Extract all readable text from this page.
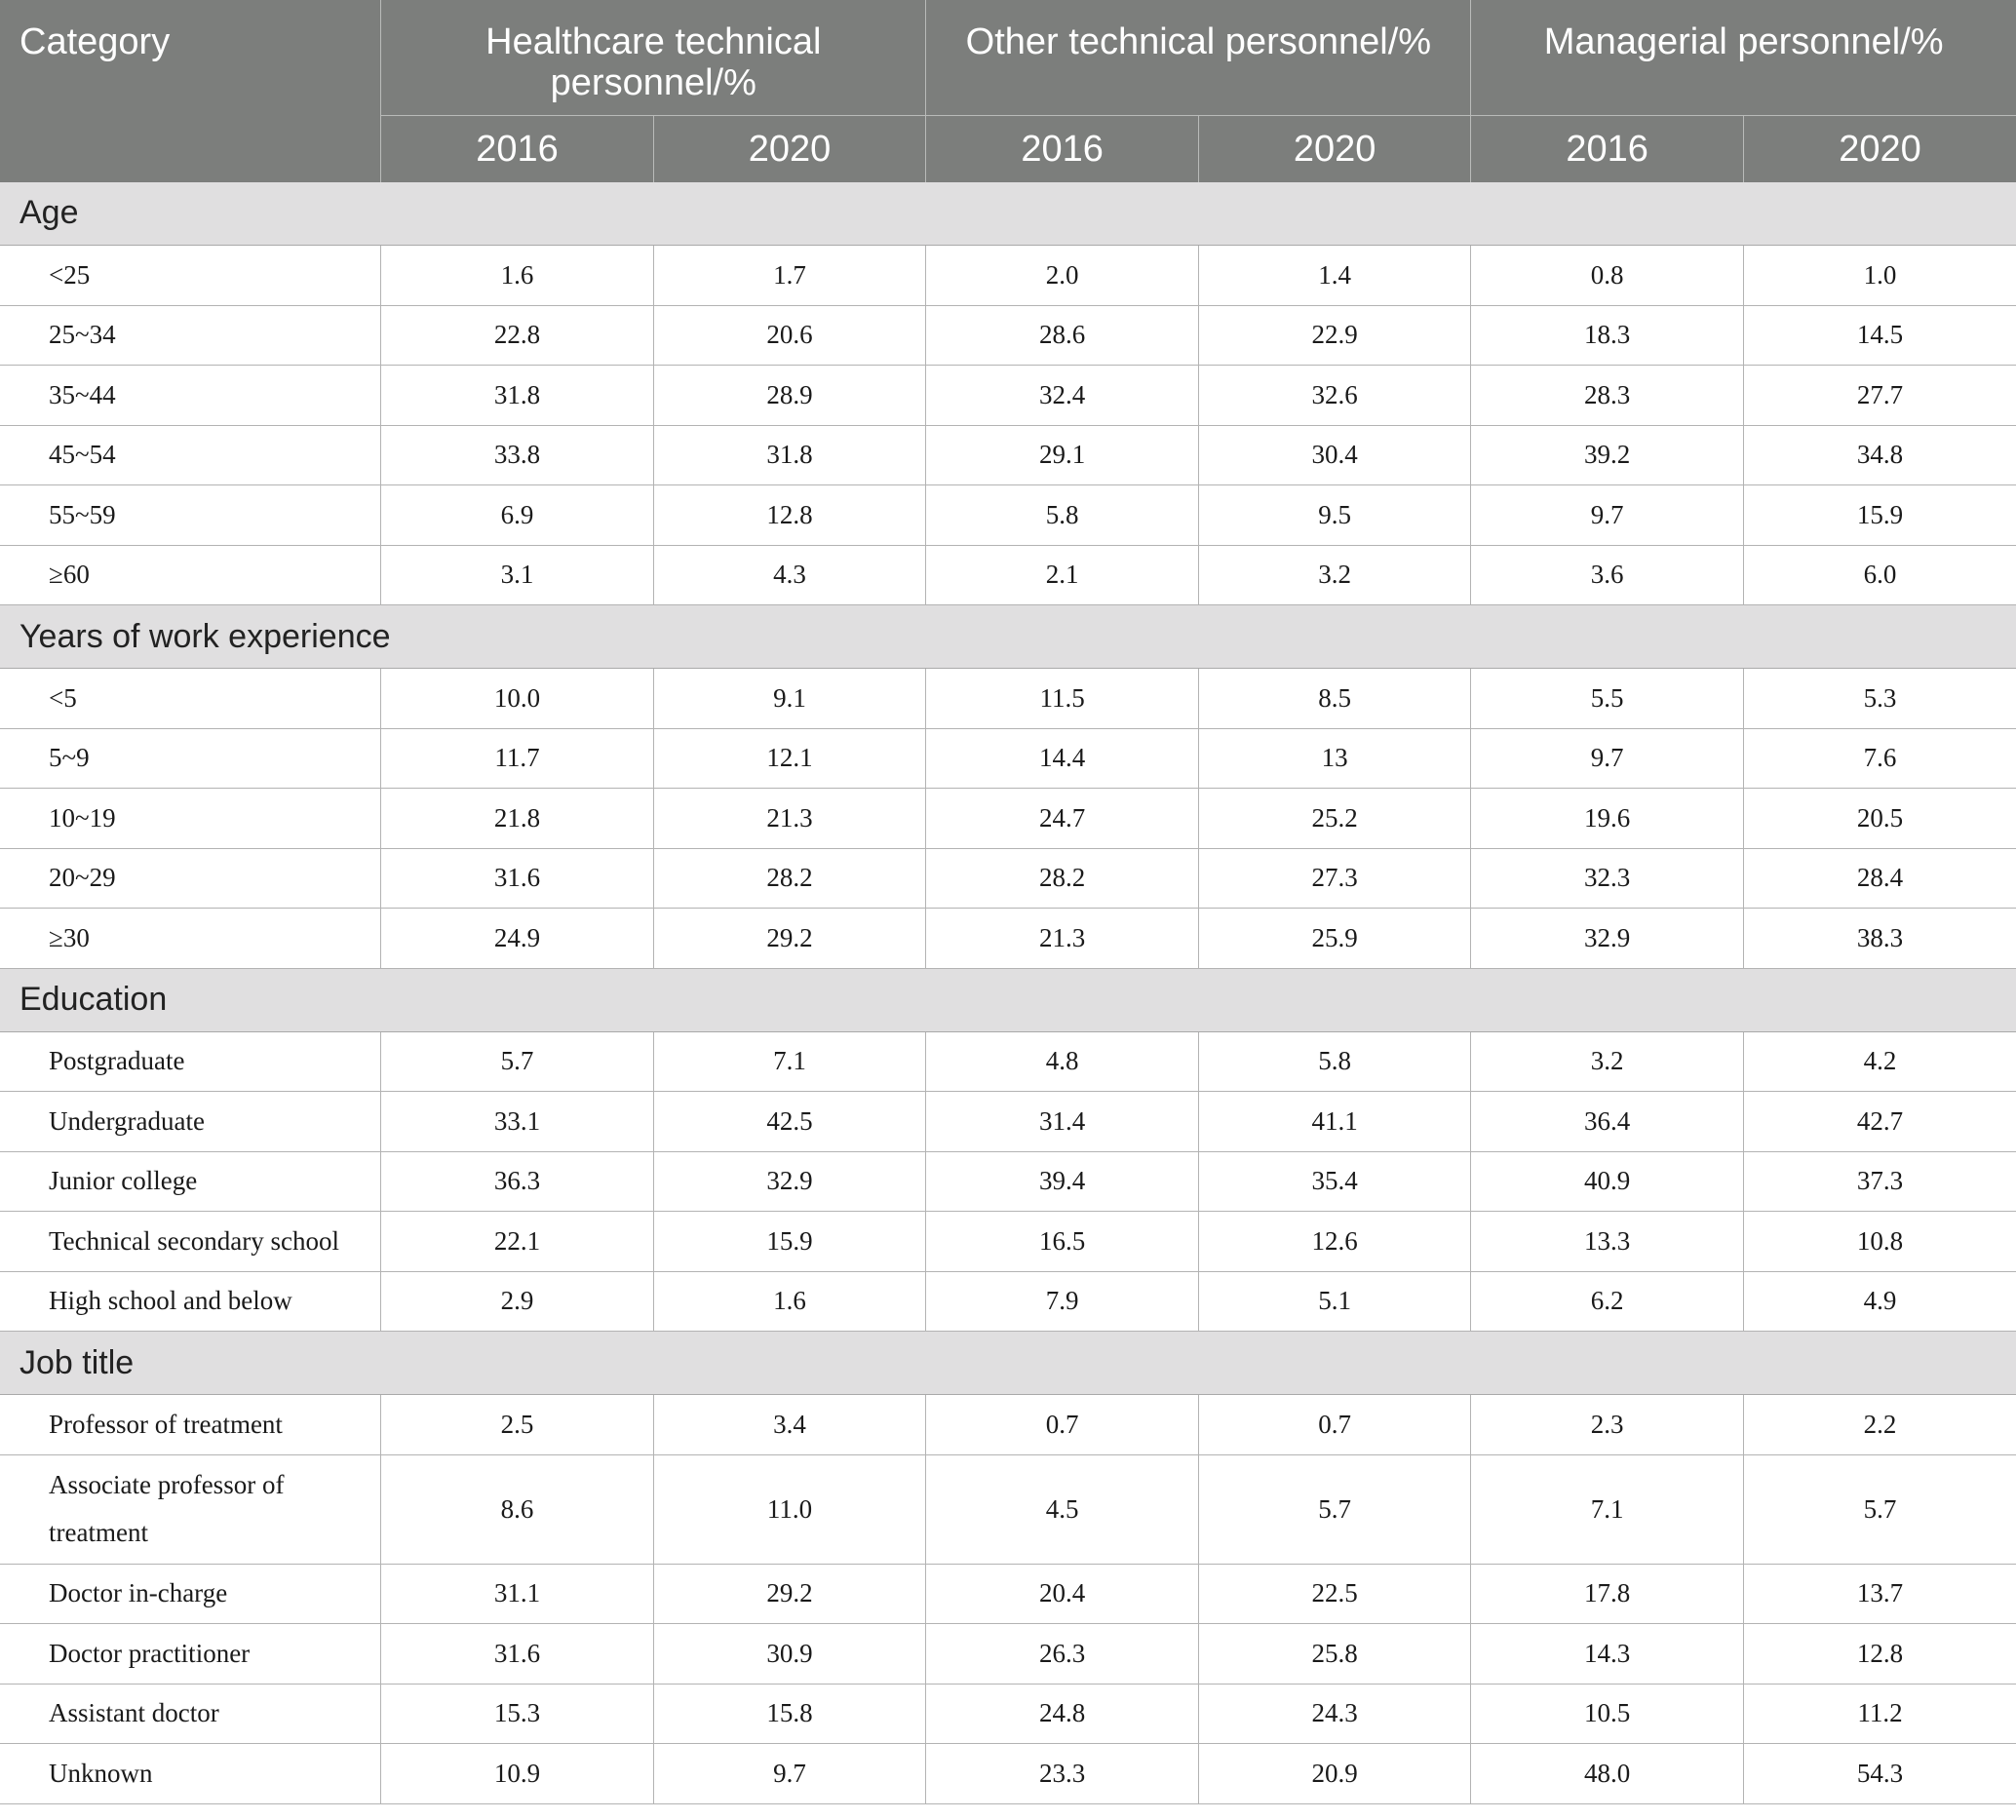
Category	Healthcare technical personnel/%		Other technical personnel/%		Managerial personnel/%	
	2016	2020	2016	2020	2016	2020
Age						
<25	1.6	1.7	2.0	1.4	0.8	1.0
25~34	22.8	20.6	28.6	22.9	18.3	14.5
35~44	31.8	28.9	32.4	32.6	28.3	27.7
45~54	33.8	31.8	29.1	30.4	39.2	34.8
55~59	6.9	12.8	5.8	9.5	9.7	15.9
≥60	3.1	4.3	2.1	3.2	3.6	6.0
Years of work experience						
<5	10.0	9.1	11.5	8.5	5.5	5.3
5~9	11.7	12.1	14.4	13	9.7	7.6
10~19	21.8	21.3	24.7	25.2	19.6	20.5
20~29	31.6	28.2	28.2	27.3	32.3	28.4
≥30	24.9	29.2	21.3	25.9	32.9	38.3
Education						
Postgraduate	5.7	7.1	4.8	5.8	3.2	4.2
Undergraduate	33.1	42.5	31.4	41.1	36.4	42.7
Junior college	36.3	32.9	39.4	35.4	40.9	37.3
Technical secondary school	22.1	15.9	16.5	12.6	13.3	10.8
High school and below	2.9	1.6	7.9	5.1	6.2	4.9
Job title						
Professor of treatment	2.5	3.4	0.7	0.7	2.3	2.2
Associate professor of treatment	8.6	11.0	4.5	5.7	7.1	5.7
Doctor in-charge	31.1	29.2	20.4	22.5	17.8	13.7
Doctor practitioner	31.6	30.9	26.3	25.8	14.3	12.8
Assistant doctor	15.3	15.8	24.8	24.3	10.5	11.2
Unknown	10.9	9.7	23.3	20.9	48.0	54.3
